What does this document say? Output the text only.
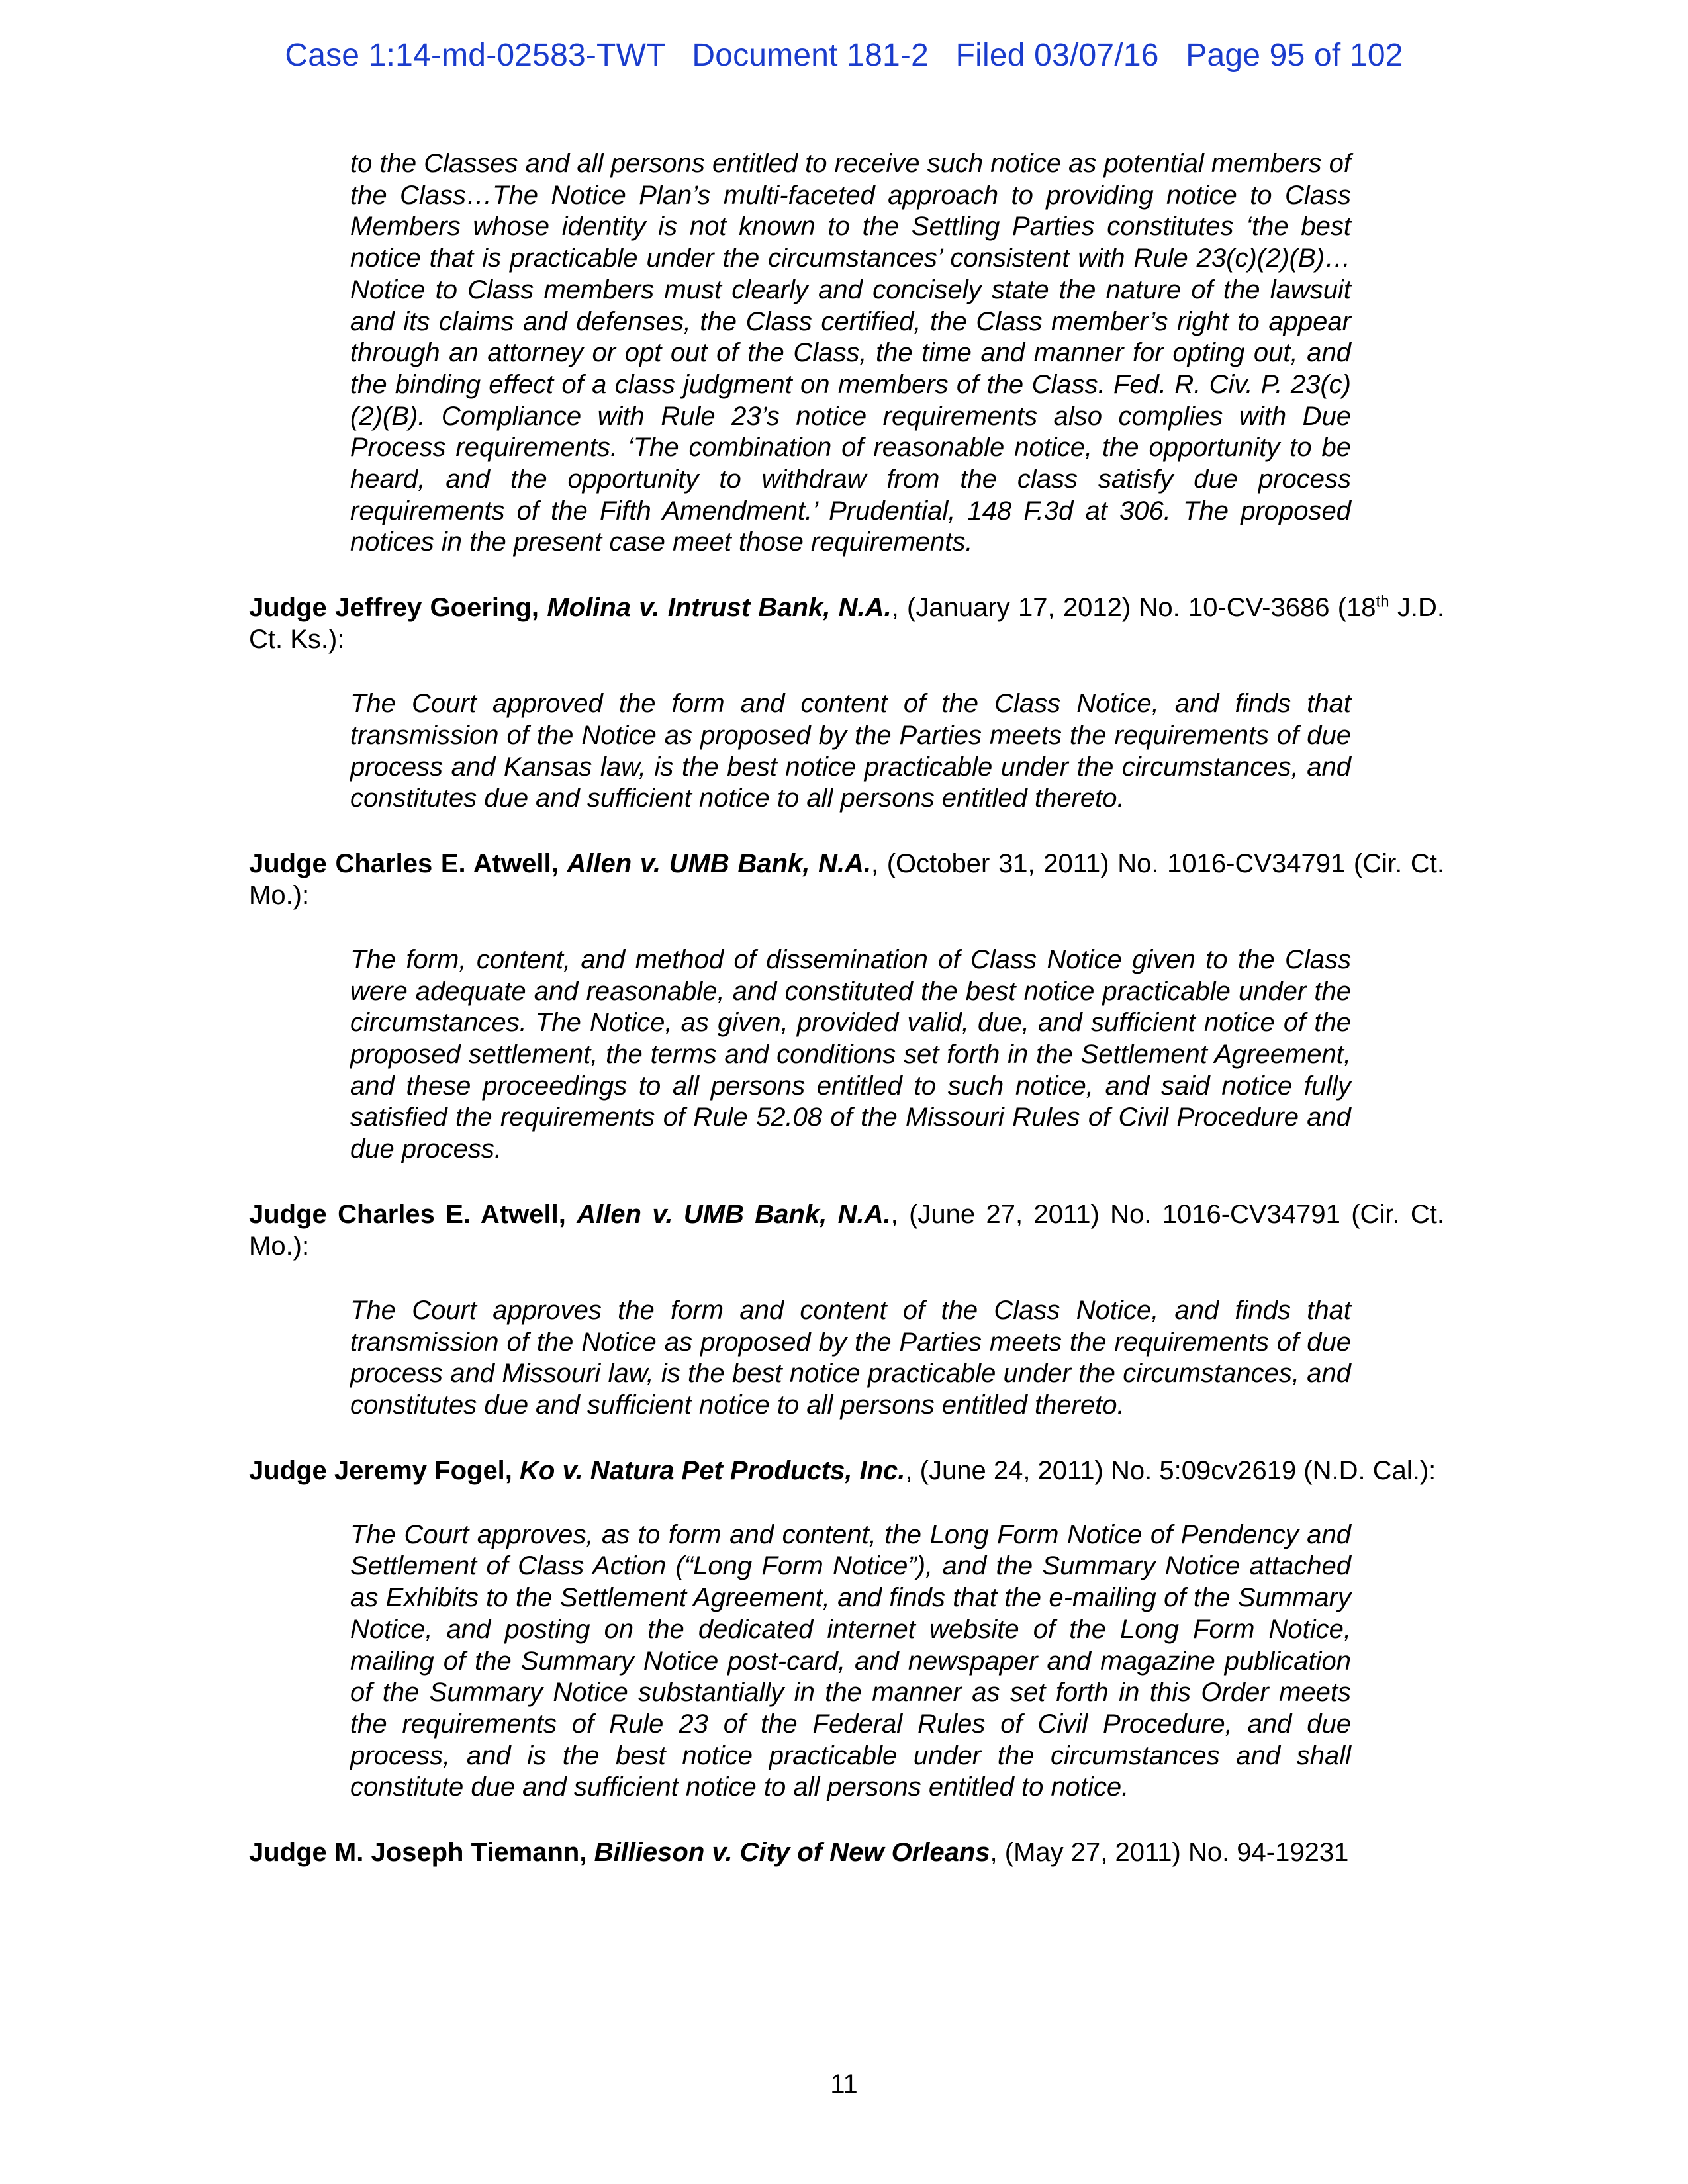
Case 1:14-md-02583-TWT   Document 181-2   Filed 03/07/16   Page 95 of 102
to the Classes and all persons entitled to receive such notice as potential members of the Class…The Notice Plan’s multi-faceted approach to providing notice to Class Members whose identity is not known to the Settling Parties constitutes ‘the best notice that is practicable under the circumstances’ consistent with Rule 23(c)(2)(B)…Notice to Class members must clearly and concisely state the nature of the lawsuit and its claims and defenses, the Class certified, the Class member’s right to appear through an attorney or opt out of the Class, the time and manner for opting out, and the binding effect of a class judgment on members of the Class. Fed. R. Civ. P. 23(c)(2)(B). Compliance with Rule 23’s notice requirements also complies with Due Process requirements. ‘The combination of reasonable notice, the opportunity to be heard, and the opportunity to withdraw from the class satisfy due process requirements of the Fifth Amendment.’ Prudential, 148 F.3d at 306. The proposed notices in the present case meet those requirements.
Judge Jeffrey Goering, Molina v. Intrust Bank, N.A., (January 17, 2012) No. 10-CV-3686 (18th J.D. Ct. Ks.):
The Court approved the form and content of the Class Notice, and finds that transmission of the Notice as proposed by the Parties meets the requirements of due process and Kansas law, is the best notice practicable under the circumstances, and constitutes due and sufficient notice to all persons entitled thereto.
Judge Charles E. Atwell, Allen v. UMB Bank, N.A., (October 31, 2011) No. 1016-CV34791 (Cir. Ct. Mo.):
The form, content, and method of dissemination of Class Notice given to the Class were adequate and reasonable, and constituted the best notice practicable under the circumstances. The Notice, as given, provided valid, due, and sufficient notice of the proposed settlement, the terms and conditions set forth in the Settlement Agreement, and these proceedings to all persons entitled to such notice, and said notice fully satisfied the requirements of Rule 52.08 of the Missouri Rules of Civil Procedure and due process.
Judge Charles E. Atwell, Allen v. UMB Bank, N.A., (June 27, 2011) No. 1016-CV34791 (Cir. Ct. Mo.):
The Court approves the form and content of the Class Notice, and finds that transmission of the Notice as proposed by the Parties meets the requirements of due process and Missouri law, is the best notice practicable under the circumstances, and constitutes due and sufficient notice to all persons entitled thereto.
Judge Jeremy Fogel, Ko v. Natura Pet Products, Inc., (June 24, 2011) No. 5:09cv2619 (N.D. Cal.):
The Court approves, as to form and content, the Long Form Notice of Pendency and Settlement of Class Action (“Long Form Notice”), and the Summary Notice attached as Exhibits to the Settlement Agreement, and finds that the e-mailing of the Summary Notice, and posting on the dedicated internet website of the Long Form Notice, mailing of the Summary Notice post-card, and newspaper and magazine publication of the Summary Notice substantially in the manner as set forth in this Order meets the requirements of Rule 23 of the Federal Rules of Civil Procedure, and due process, and is the best notice practicable under the circumstances and shall constitute due and sufficient notice to all persons entitled to notice.
Judge M. Joseph Tiemann, Billieson v. City of New Orleans, (May 27, 2011) No. 94-19231
11
